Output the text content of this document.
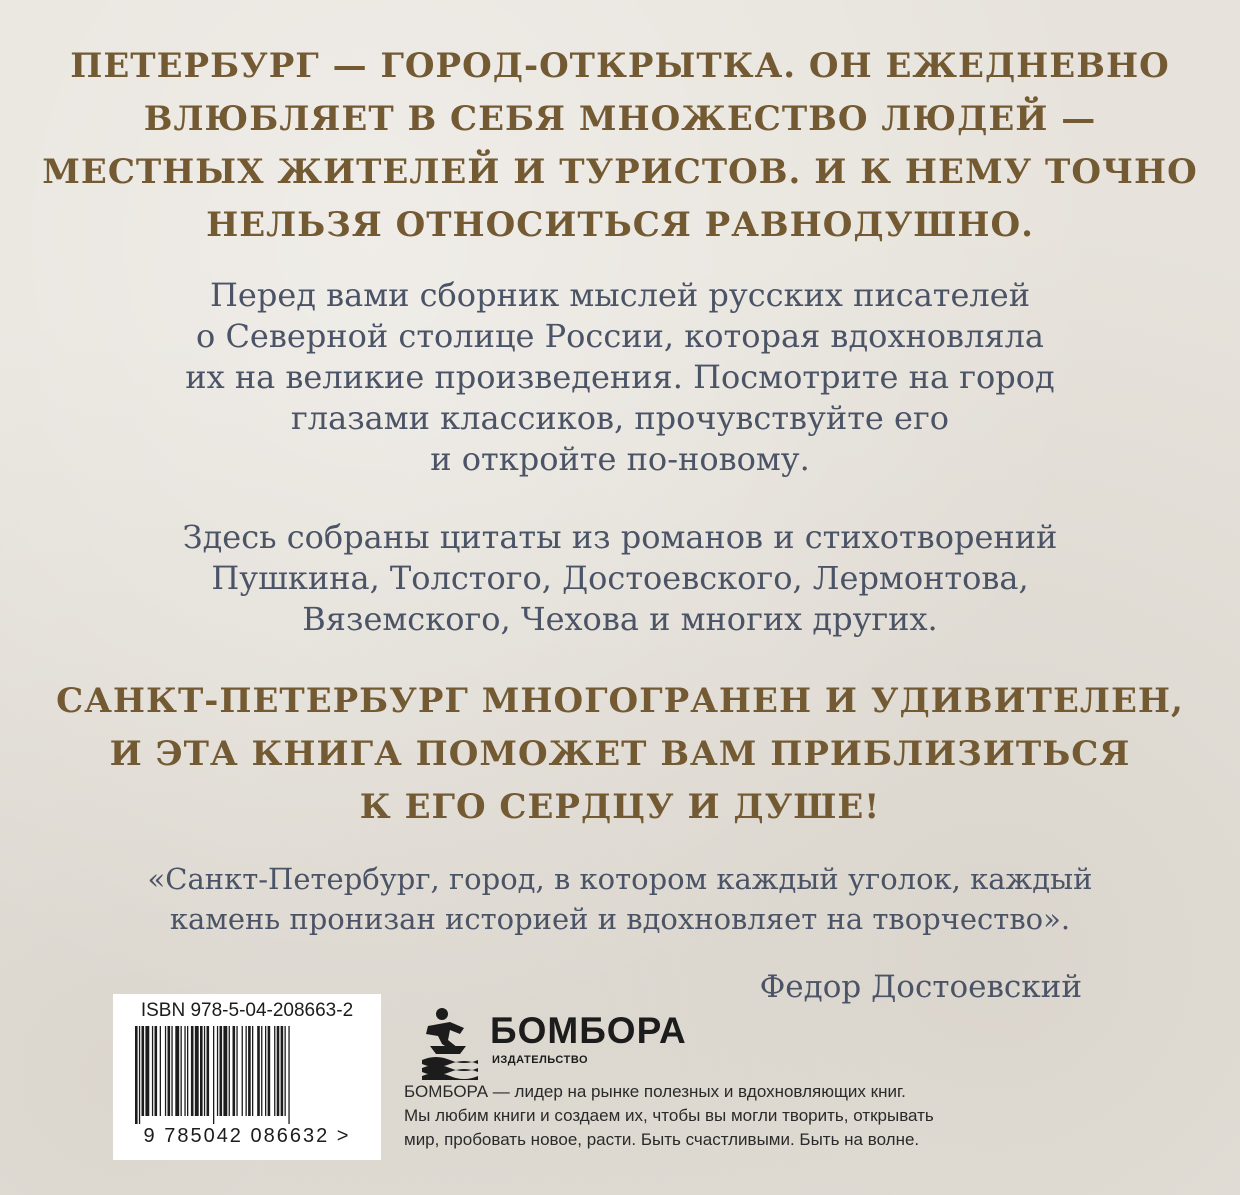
ПЕТЕРБУРГ — ГОРОД-ОТКРЫТКА. ОН ЕЖЕДНЕВНО
ВЛЮБЛЯЕТ В СЕБЯ МНОЖЕСТВО ЛЮДЕЙ —
МЕСТНЫХ ЖИТЕЛЕЙ И ТУРИСТОВ. И К НЕМУ ТОЧНО
НЕЛЬЗЯ ОТНОСИТЬСЯ РАВНОДУШНО.
Перед вами сборник мыслей русских писателей
о Северной столице России, которая вдохновляла
их на великие произведения. Посмотрите на город
глазами классиков, прочувствуйте его
и откройте по-новому.
Здесь собраны цитаты из романов и стихотворений
Пушкина, Толстого, Достоевского, Лермонтова,
Вяземского, Чехова и многих других.
САНКТ-ПЕТЕРБУРГ МНОГОГРАНЕН И УДИВИТЕЛЕН,
И ЭТА КНИГА ПОМОЖЕТ ВАМ ПРИБЛИЗИТЬСЯ
К ЕГО СЕРДЦУ И ДУШЕ!
«Санкт-Петербург, город, в котором каждый уголок, каждый
камень пронизан историей и вдохновляет на творчество».

Федор Достоевский

ISBN 978-5-04-208663-2
9 785042 086632 >

БОМБОРА

ИЗДАТЕЛЬСТВО

БОМБОРА — лидер на рынке полезных и вдохновляющих книг.
Мы любим книги и создаем их, чтобы вы могли творить, открывать
мир, пробовать новое, расти. Быть счастливыми. Быть на волне.
